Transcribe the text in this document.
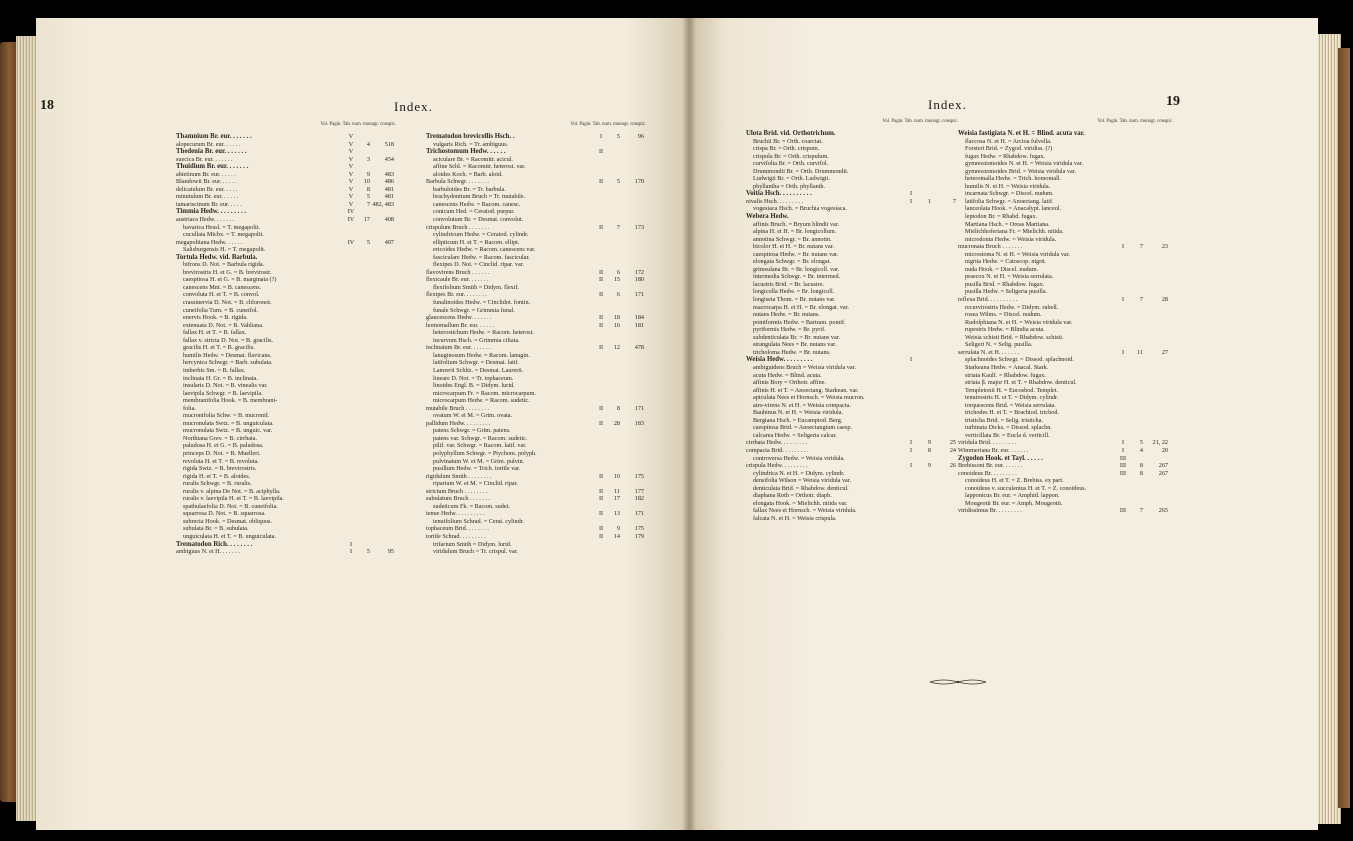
18	Index.
Vol. Pagin. Tab. num. monogr. conspic.
Thamnium Br. eur. . . . . . .	V
alopecurum Br. eur. . . . . .	V	4	518
Thedenia Br. eur. . . . . . .	V
suecica Br. eur. . . . . . .	V	3	454
Thuidium Br. eur. . . . . . .	V
abietinum Br. eur. . . . . .	V	9	483
Blandowii Br. eur. . . . . .	V	10	486
delicatulum Br. eur. . . . .	V	8	481
minutulum Br. eur. . . . . .	V	5	481
tamariscinum Br. eur. . . . .	V	7 482, 483
Timmia Hedw. . . . . . . . .	IV
austriaca Hedw. . . . . . .	IV	17	408
bavarica Hessl. = T. megapolit.
cucullata Michx. = T. megapolit.
megapolitana Hedw. . . . . .	IV	5	407
Salisburgensis H. = T. megapolit.
Tortula Hedw. vid. Barbula.
bifrons D. Not. = Barbula rigida.
brevirostris H. et G. = B. brevirostr.
caespitosa H. et G. = B. marginata (?)
canescens Mnt. = B. canescens.
convoluta H. et T. = B. convol.
crassinervia D. Not. = B. chloronot.
cuneifolia Turn. = B. cuneifol.
enervis Hook. = B. rigida.
extenuata D. Not. = B. Vahliana.
fallax H. et T. = B. fallax.
fallax v. stricta D. Not. = B. gracilis.
gracilis H. et T. = B. gracilis.
humilis Hedw. = Desmat. flavicans.
hercynica Schwgr. = Barb. subulata.
imberbis Sm. = B. fallax.
inclinata H. Gr. = B. inclinata.
insularis D. Not. = B. vinealis var.
laevipila Schwgr. = B. laevipila.
membranifolia Hook. = B. membrani-
folia.
mucronifolia Schw. = B. mucronif.
mucronulata Swtz. = B. unguiculata.
mucronulata Swtz. = B. unguic. var.
Northiana Grev. = B. cirrhata.
paludosa H. et G. = B. paludosa.
princeps D. Not. = B. Muelleri.
revoluta H. et T. = B. revoluta.
rigida Swtz. = B. brevirostris.
rigida H. et T. = B. aloides.
ruralis Schwgr. = B. ruralis.
ruralis v. alpina De Not. = B. aciphylla.
ruralis v. laevipila H. et T. = B. laevipila.
spathulaefolia D. Not. = B. cuneifolia.
squarrosa D. Not. = B. squarrosa.
subrecta Hook. = Desmat. obliquus.
subulata Br. = B. subulata.
unguiculata H. et T. = B. unguiculata.
Trematodon Rich. . . . . . . .	I
ambiguus N. et H. . . . . . .	I	5	95
Vol. Pagin. Tab. num. monogr. conspic.
Trematodon brevicollis Hsch. .	I	5	96
vulgaris Rich. = Tr. ambiguus.
Trichostomum Hedw. . . . . .	II
aciculare Br. = Racomitr. acicul.
affine Schl. = Racomitr. heterost. var.
aloides Koch. = Barb. aloid.
Barbula Schwgr. . . . . . . .	II	5	170
barbuloides Br. = Tr. barbula.
brachydontium Bruch = Tr. mutabile.
canescens Hedw. = Racom. canesc.
conicum Hed. = Ceratod. purpur.
convolutum Br. = Desmat. convolut.
crispulum Bruch . . . . . . .	II	7	173
cylindricum Hedw. = Ceratod. cylindr.
ellipticum H. et T. = Racom. ellipt.
ericoides Hedw. = Racom. canescens var.
fasciculare Hedw. = Racom. fascicular.
flexipes D. Not. = Cinclid. ripar. var.
flavovirens Bruch . . . . . .	II	6	172
flexicaule Br. eur. . . . . . .	II	15	180
flexifolium Smith = Didym. flexif.
flexipes Br. eur. . . . . . . .	II	6	171
funalinoides Hedw. = Cinclidot. fontin.
funale Schwgr. = Grimmia funal.
glaucescens Hedw. . . . . . .	II	18	184
homomallum Br. eur. . . . . .	II	16	181
heterostichum Hedw. = Racom. heterost.
incurvum Hsch. = Grimmia ciliata.
inclinatum Br. eur. . . . . . .	II	12	478
lanuginosum Hedw. = Racom. lanugin.
latifolium Schwgr. = Desmat. latif.
Lamrerii Schltz. = Desmat. Laurerii.
lineare D. Not. = Tr. tophaceum.
linoides Engl. B. = Didym. lurid.
microcarpum Fr. = Racom. microcarpum.
microcarpum Hedw. = Racom. sudetic.
mutabile Bruch . . . . . . . .	II	8	171
ovatum W. et M. = Grim. ovata.
pallidum Hedw. . . . . . . . .	II	28	183
patens Schwgr. = Grim. patens.
patens var. Schwgr. = Racom. sudetic.
pilif. var. Schwgr. = Racom. latif. var.
polyphyllum Schwgr. = Ptychom. polyph.
pulvinatum W. et M. = Grim. pulvin.
pusillum Hedw. = Trich. tortile var.
rigidulum Smith . . . . . . . .	II	10	175
riparium W. et M. = Cinclid. ripar.
strictum Bruch . . . . . . . .	II	11	177
subulatum Bruch . . . . . . .	II	17	182
sudeticum Fk. = Racom. sudet.
tenue Hedw. . . . . . . . . .	II	13	171
tenuifolium Schrad. = Cerat. cylindr.
tophaceum Brid. . . . . . . .	II	9	175
tortile Schrad. . . . . . . . .	II	14	179
trifarium Smith = Didym. lurid.
viridulum Bruch = Tr. crispul. var.
Index.	19
Vol. Pagin. Tab. num. monogr. conspic.
Ulota Brid. vid. Orthotrichum.
Bruchii Br. = Orth. coarctat.
crispa Br. = Orth. crispum.
crispula Br. = Orth. crispulum.
curvifolia Br. = Orth. curvifol.
Drummondii Br. = Orth. Drummondii.
Ludwigii Br. = Orth. Ludwigii.
phyllantha = Orth. phyllanth.
Voitia Hsch. . . . . . . . . .	I
nivalis Hsch. . . . . . . . .	I	1	7
vogesiaca Hsch. = Bruchia vogesiaca.
Webera Hedw.
affinis Bruch. = Bryum blindii var.
alpina H. et H. = Br. longicollum.
annotina Schwgr. = Br. annotin.
bicolor H. et H. = Br. nutans var.
caespitosa Hedw. = Br. nutans var.
elongata Schwgr. = Br. elongat.
grimsulana Br. = Br. longicoll. var.
intermedia Schwgr. = Br. intermed.
lacustris Brid. = Br. lacustre.
longicolla Hedw. = Br. longicoll.
longiseta Thom. = Br. nutans var.
macrocarpa H. et H. = Br. elongat. var.
nutans Hedw. = Br. nutans.
pomiformis Hedw. = Bartram. pomif.
pyriformis Hedw. = Br. pyrif.
subdenticulata Br. = Br. nutans var.
strangulata Nees = Br. nutans var.
tricholoma Hedw. = Br. nutans.
Weisia Hedw. . . . . . . . .	I
ambiguidens Bruch = Weisia viridula var.
acuta Hedw. = Blind. acuta.
affinis Bory = Orthotr. affine.
affinis H. et T. = Anoectang. Starkean. var.
apiculata Nees et Hornsch. = Weisia mucron.
atro-virens N. et H. = Weisia compacta.
Bauhinus N. et H. = Weisia viridula.
Bergiana Hsch. = Eucamptod. Berg.
caespitosa Brid. = Anoectangium caesp.
calcarea Hedw. = Seligeria calcar.
cirrhata Hedw. . . . . . . . .	I	9	25
compacta Brid. . . . . . . . .	I	8	24
controversa Hedw. = Weisia viridula.
crispula Hedw. . . . . . . . .	I	9	26
cylindrica N. et H. = Didym. cylindr.
densifolia Wilson = Weisia viridula var.
denticulata Brid. = Rhabdow. denticul.
diaphana Roth = Orthotr. diaph.
elongata Hook. = Mielichh. nitida var.
fallax Nees et Hornsch. = Weisia viridula.
falcata N. et H. = Weisia crispula.
Vol. Pagin. Tab. num. monogr. conspic.
Weisia fastigiata N. et H. = Blind. acuta var.
flaccosa N. et H. = Arctoa fulvella.
Forsteri Brid. = Zygod. viridiss. (?)
fugax Hedw. = Rhabdow. fugax.
gymnostomoides N. et H. = Weisia viridula var.
gymnostomoides Brid. = Weisia viridula var.
heteromalla Hedw. = Trich. homomall.
humilis N. et H. = Weisia viridula.
incarnata Schwgr. = Discel. nudum.
latifolia Schwgr. = Anoectang. latif.
lanceolata Hook. = Anacalypt. lanceol.
leptodon Br. = Rhabd. fugax.
Martiana Hsch. = Oreas Martiana.
Mielichhoferiana Fr. = Mielichh. nitida.
microdonta Hedw. = Weisia viridula.
mucronata Bruch . . . . . . .	I	7	23
microstoma N. et H. = Weisia viridula var.
nigrita Hedw. = Catoscop. nigrit.
nuda Hook. = Discel. nudum.
praecox N. et H. = Weisia serrulata.
pusilla Brid. = Rhabdow. fugax.
pusilla Hedw. = Seligeria pusilla.
reflexa Brid. . . . . . . . . .	I	7	28
recurvirostris Hedw. = Didym. rubell.
rosea Wilms. = Discel. nudum.
Rudolphiana N. et H. = Weisia viridula var.
rupestris Hedw. = Blindia acuta.
Weisia schisti Brid. = Rhabdow. schisti.
Seligeri N. = Selig. pusilla.
serrulata N. et H. . . . . . .	I	11	27
splachnoides Schwgr. = Dissod. splachnoid.
Starkeana Hedw. = Anacal. Stark.
striata Kaulf. = Rhabdow. fugax.
striata β. major H. et T. = Rhabdow. denticul.
Templetonii H. = Eucosbod. Templet.
tenuirostris H. et T. = Didym. cylindr.
torquescens Brid. = Weisia serrulata.
trichodes H. et T. = Brachiod. trichod.
tristicha Brid. = Selig. tristicha.
turbinata Dicks. = Dissod. splachn.
verticillata Br. = Eucla d. verticill.
viridula Brid. . . . . . . . .	I	5	21, 22
Wimmeriana Br. eur. . . . . . .	I	4	20
Zygodon Hook. et Tayl. . . . . .	III
Brebissoni Br. eur. . . . . . .	III	8	267
conoideus Br. . . . . . . . .	III	8	267
conoideus H. et T. = Z. Brebiss. ex part.
conoideus v. succulentus H. et T. = Z. conoideus.
lapponicus Br. eur. = Amphid. lappon.
Mougeotii Br. eur. = Amph. Mougeotii.
viridissimus Br. . . . . . . . .	III	7	265
